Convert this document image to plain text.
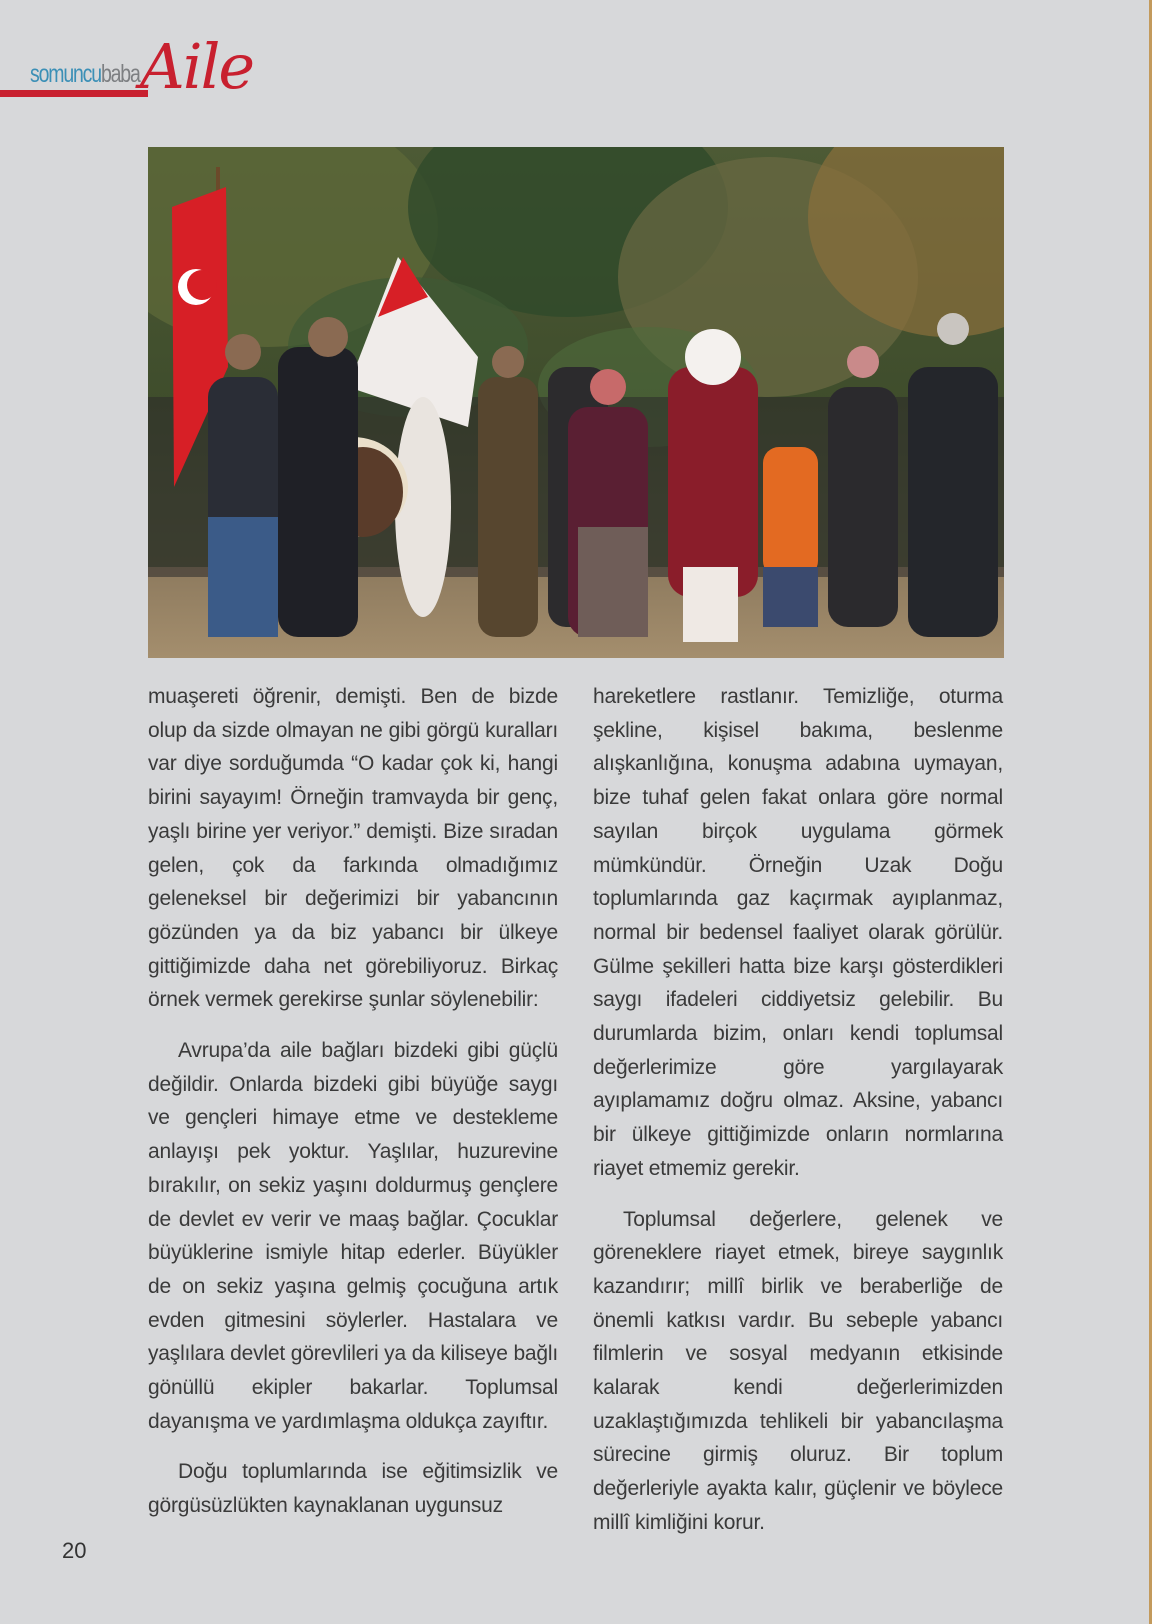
somuncubaba Aile

muaşereti öğrenir, demişti. Ben de bizde olup da sizde olmayan ne gibi görgü kuralları var diye sorduğumda “O kadar çok ki, hangi birini sayayım! Örneğin tramvayda bir genç, yaşlı birine yer veriyor.” demişti. Bize sıradan gelen, çok da farkında olmadığımız geleneksel bir değerimizi bir yabancının gözünden ya da biz yabancı bir ülkeye gittiğimizde daha net görebiliyoruz. Birkaç örnek vermek gerekirse şunlar söylenebilir:

Avrupa’da aile bağları bizdeki gibi güçlü değildir. Onlarda bizdeki gibi büyüğe saygı ve gençleri himaye etme ve destekleme anlayışı pek yoktur. Yaşlılar, huzurevine bırakılır, on sekiz yaşını doldurmuş gençlere de devlet ev verir ve maaş bağlar. Çocuklar büyüklerine ismiyle hitap ederler. Büyükler de on sekiz yaşına gelmiş çocuğuna artık evden gitmesini söylerler. Hastalara ve yaşlılara devlet görevlileri ya da kiliseye bağlı gönüllü ekipler bakarlar. Toplumsal dayanışma ve yardımlaşma oldukça zayıftır.

Doğu toplumlarında ise eğitimsizlik ve görgüsüzlükten kaynaklanan uygunsuz

hareketlere rastlanır. Temizliğe, oturma şekline, kişisel bakıma, beslenme alışkanlığına, konuşma adabına uymayan, bize tuhaf gelen fakat onlara göre normal sayılan birçok uygulama görmek mümkündür. Örneğin Uzak Doğu toplumlarında gaz kaçırmak ayıplanmaz, normal bir bedensel faaliyet olarak görülür. Gülme şekilleri hatta bize karşı gösterdikleri saygı ifadeleri ciddiyetsiz gelebilir. Bu durumlarda bizim, onları kendi toplumsal değerlerimize göre yargılayarak ayıplamamız doğru olmaz. Aksine, yabancı bir ülkeye gittiğimizde onların normlarına riayet etmemiz gerekir.

Toplumsal değerlere, gelenek ve göreneklere riayet etmek, bireye saygınlık kazandırır; millî birlik ve beraberliğe de önemli katkısı vardır. Bu sebeple yabancı filmlerin ve sosyal medyanın etkisinde kalarak kendi değerlerimizden uzaklaştığımızda tehlikeli bir yabancılaşma sürecine girmiş oluruz. Bir toplum değerleriyle ayakta kalır, güçlenir ve böylece millî kimliğini korur.

20
